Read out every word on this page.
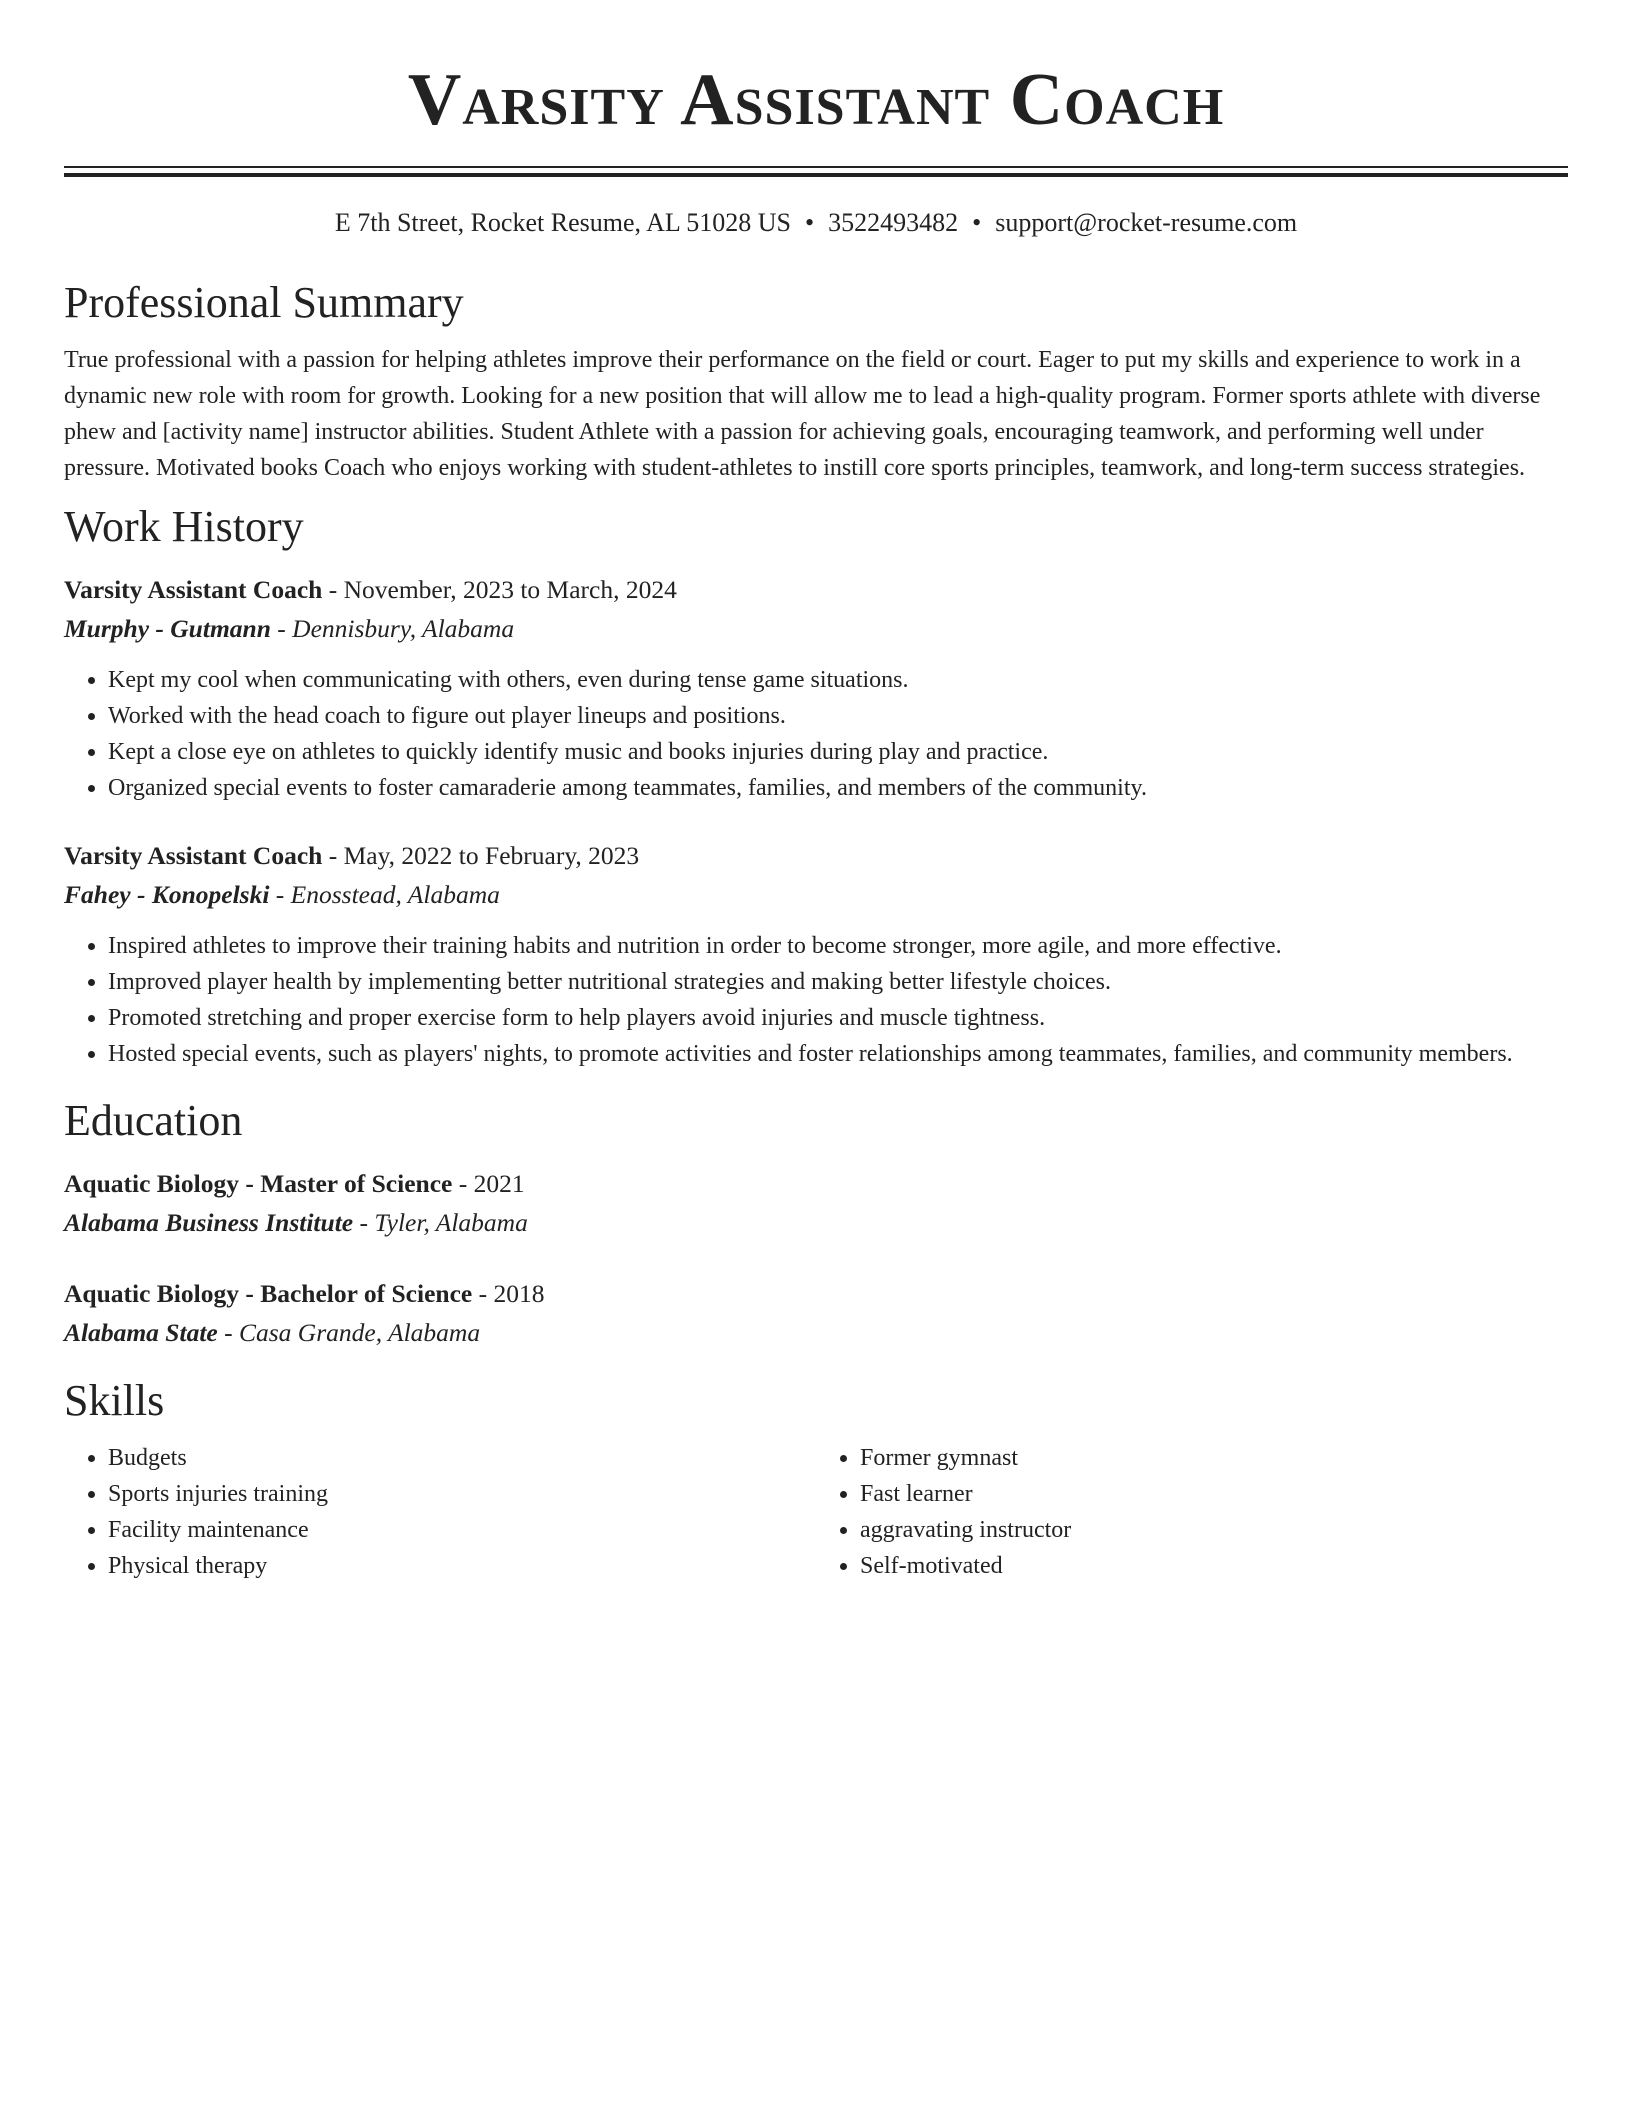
Varsity Assistant Coach
E 7th Street, Rocket Resume, AL 51028 US • 3522493482 • support@rocket-resume.com
Professional Summary

True professional with a passion for helping athletes improve their performance on the field or court. Eager to put my skills and experience to work in a dynamic new role with room for growth. Looking for a new position that will allow me to lead a high-quality program. Former sports athlete with diverse phew and [activity name] instructor abilities. Student Athlete with a passion for achieving goals, encouraging teamwork, and performing well under pressure. Motivated books Coach who enjoys working with student-athletes to instill core sports principles, teamwork, and long-term success strategies.

Work History
Varsity Assistant Coach - November, 2023 to March, 2024
Murphy - Gutmann - Dennisbury, Alabama
• Kept my cool when communicating with others, even during tense game situations.
• Worked with the head coach to figure out player lineups and positions.
• Kept a close eye on athletes to quickly identify music and books injuries during play and practice.
• Organized special events to foster camaraderie among teammates, families, and members of the community.
Varsity Assistant Coach - May, 2022 to February, 2023
Fahey - Konopelski - Enosstead, Alabama
• Inspired athletes to improve their training habits and nutrition in order to become stronger, more agile, and more effective.
• Improved player health by implementing better nutritional strategies and making better lifestyle choices.
• Promoted stretching and proper exercise form to help players avoid injuries and muscle tightness.
• Hosted special events, such as players' nights, to promote activities and foster relationships among teammates, families, and community members.
Education
Aquatic Biology - Master of Science - 2021
Alabama Business Institute - Tyler, Alabama
Aquatic Biology - Bachelor of Science - 2018
Alabama State - Casa Grande, Alabama
Skills
• Budgets
• Sports injuries training
• Facility maintenance
• Physical therapy
• Former gymnast
• Fast learner
• aggravating instructor
• Self-motivated
